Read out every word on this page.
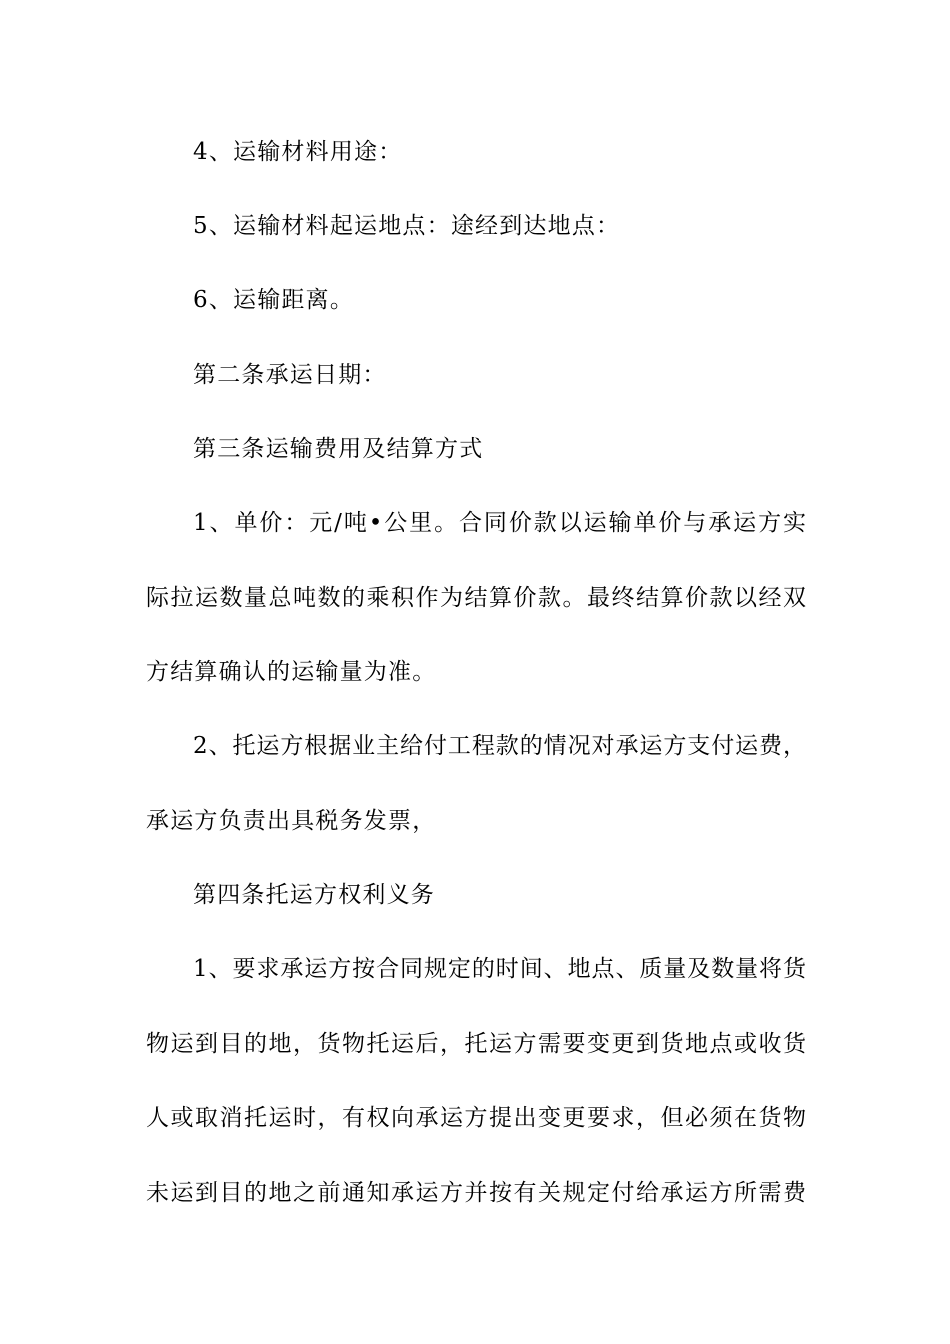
4、运输材料用途：
5、运输材料起运地点：途经到达地点：
6、运输距离。
第二条承运日期：
第三条运输费用及结算方式
1、单价：元/吨•公里。合同价款以运输单价与承运方实
际拉运数量总吨数的乘积作为结算价款。最终结算价款以经双
方结算确认的运输量为准。
2、托运方根据业主给付工程款的情况对承运方支付运费，
承运方负责出具税务发票，
第四条托运方权利义务
1、要求承运方按合同规定的时间、地点、质量及数量将货
物运到目的地，货物托运后，托运方需要变更到货地点或收货
人或取消托运时，有权向承运方提出变更要求，但必须在货物
未运到目的地之前通知承运方并按有关规定付给承运方所需费
